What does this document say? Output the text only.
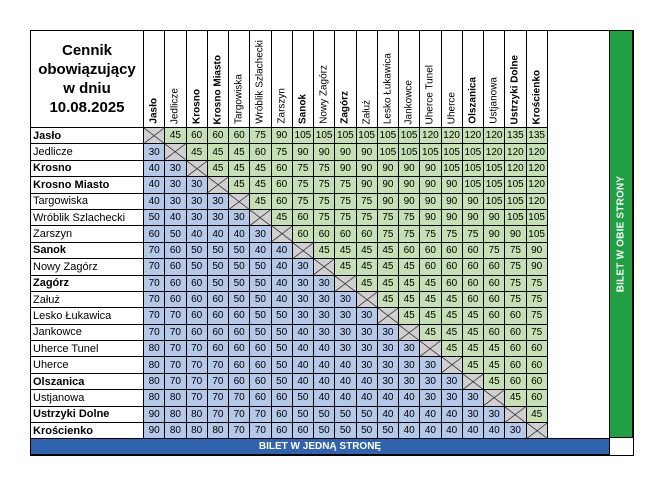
Cennik obowiązujący w dniu 10.08.2025	Jasło	Jedlicze	Krosno	Krosno Miasto	Targowiska	Wróblik Szlachecki	Zarszyn	Sanok	Nowy Zagórz	Zagórz	Załuż	Lesko Łukawica	Jankowce	Uherce Tunel	Uherce	Olszanica	Ustjanowa	Ustrzyki Dolne	Krościenko

Jasło		45	60	60	60	75	90	105	105	105	105	105	105	120	120	120	120	135	135
Jedlicze	30		45	45	45	60	75	90	90	90	90	105	105	105	105	105	120	120	120
Krosno	40	30		45	45	45	60	75	75	90	90	90	90	90	105	105	105	120	120
Krosno Miasto	40	30	30		45	45	60	75	75	75	90	90	90	90	90	105	105	105	120
Targowiska	40	30	30	30		45	60	75	75	75	75	90	90	90	90	90	105	105	120
Wróblik Szlachecki	50	40	30	30	30		45	60	75	75	75	75	75	90	90	90	90	105	105
Zarszyn	60	50	40	40	40	30		60	60	60	60	75	75	75	75	75	90	90	105
Sanok	70	60	50	50	50	40	40		45	45	45	45	60	60	60	60	75	75	90
Nowy Zagórz	70	60	50	50	50	50	40	30		45	45	45	45	60	60	60	60	75	90
Zagórz	70	60	60	50	50	50	40	30	30		45	45	45	45	60	60	60	75	75
Załuż	70	60	60	60	50	50	40	30	30	30		45	45	45	45	60	60	75	75
Lesko Łukawica	70	70	60	60	60	50	50	30	30	30	30		45	45	45	45	60	60	75
Jankowce	70	70	60	60	60	50	50	40	30	30	30	30		45	45	45	60	60	75
Uherce Tunel	80	70	70	60	60	60	50	40	40	30	30	30	30		45	45	45	60	60
Uherce	80	70	70	70	60	60	50	40	40	40	30	30	30	30		45	45	60	60
Olszanica	80	70	70	70	60	60	50	40	40	40	40	30	30	30	30		45	60	60
Ustjanowa	80	80	70	70	70	60	60	50	40	40	40	40	40	30	30	30		45	60
Ustrzyki Dolne	90	80	80	70	70	70	60	50	50	50	50	40	40	40	40	30	30		45
Krościenko	90	80	80	80	70	70	60	60	50	50	50	50	40	40	40	40	40	30	
BILET W OBIE STRONY
BILET W JEDNĄ STRONĘ
